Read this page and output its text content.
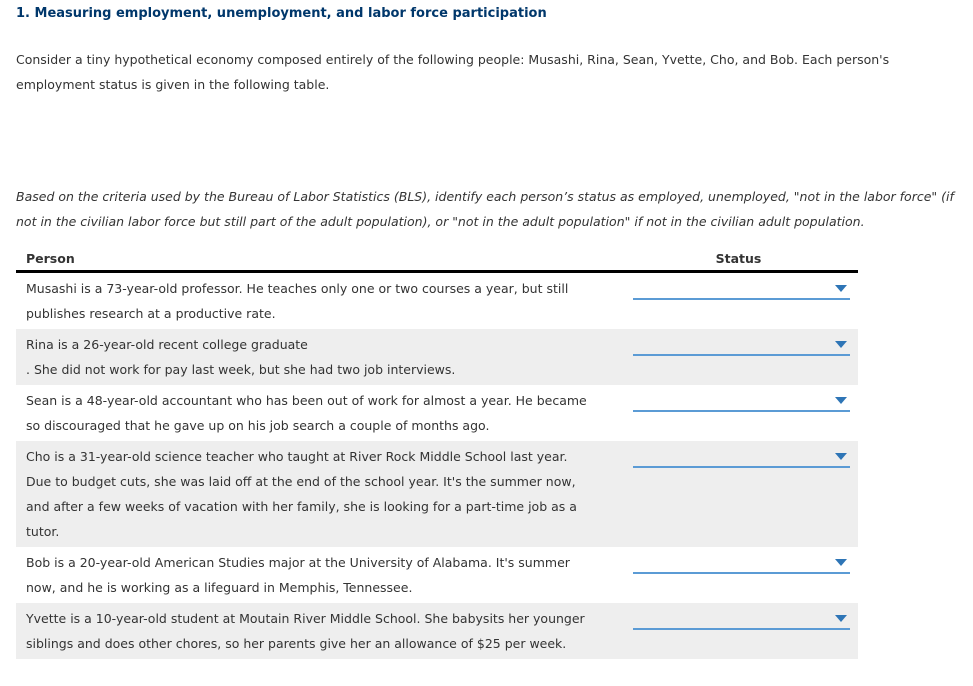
1. Measuring employment, unemployment, and labor force participation
Consider a tiny hypothetical economy composed entirely of the following people: Musashi, Rina, Sean, Yvette, Cho, and Bob. Each person's
employment status is given in the following table.
Based on the criteria used by the Bureau of Labor Statistics (BLS), identify each person’s status as employed, unemployed, "not in the labor force" (if
not in the civilian labor force but still part of the adult population), or "not in the adult population" if not in the civilian adult population.
Person	Status
Musashi is a 73-year-old professor. He teaches only one or two courses a year, but still
publishes research at a productive rate.
Rina is a 26-year-old recent college graduate
. She did not work for pay last week, but she had two job interviews.
Sean is a 48-year-old accountant who has been out of work for almost a year. He became
so discouraged that he gave up on his job search a couple of months ago.
Cho is a 31-year-old science teacher who taught at River Rock Middle School last year.
Due to budget cuts, she was laid off at the end of the school year. It's the summer now,
and after a few weeks of vacation with her family, she is looking for a part-time job as a
tutor.
Bob is a 20-year-old American Studies major at the University of Alabama. It's summer
now, and he is working as a lifeguard in Memphis, Tennessee.
Yvette is a 10-year-old student at Moutain River Middle School. She babysits her younger
siblings and does other chores, so her parents give her an allowance of $25 per week.
